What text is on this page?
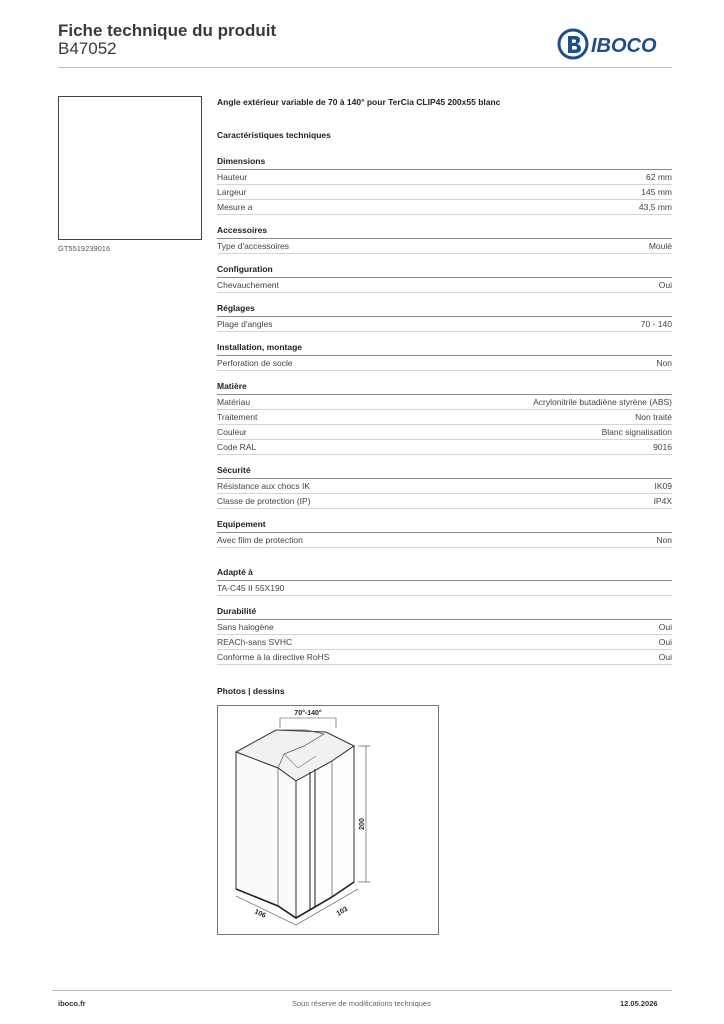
Fiche technique du produit
B47052	IBOCO
GT5519239016
Angle extérieur variable de 70 à 140° pour TerCia CLIP45 200x55 blanc
Caractéristiques techniques
Dimensions
Hauteur	62 mm
Largeur	145 mm
Mesure a	43,5 mm
Accessoires
Type d'accessoires	Moulé
Configuration
Chevauchement	Oui
Réglages
Plage d'angles	70 - 140
Installation, montage
Perforation de socle	Non
Matière
Matériau	Acrylonitrile butadiène styrène (ABS)
Traitement	Non traité
Couleur	Blanc signalisation
Code RAL	9016
Sécurité
Résistance aux chocs IK	IK09
Classe de protection (IP)	IP4X
Equipement
Avec film de protection	Non
Adapté à
TA-C45 II 55X190
Durabilité
Sans halogène	Oui
REACh-sans SVHC	Oui
Conforme à la directive RoHS	Oui
Photos | dessins
70°-140°
200
106	103
iboco.fr	Sous réserve de modifications techniques	12.05.2026
